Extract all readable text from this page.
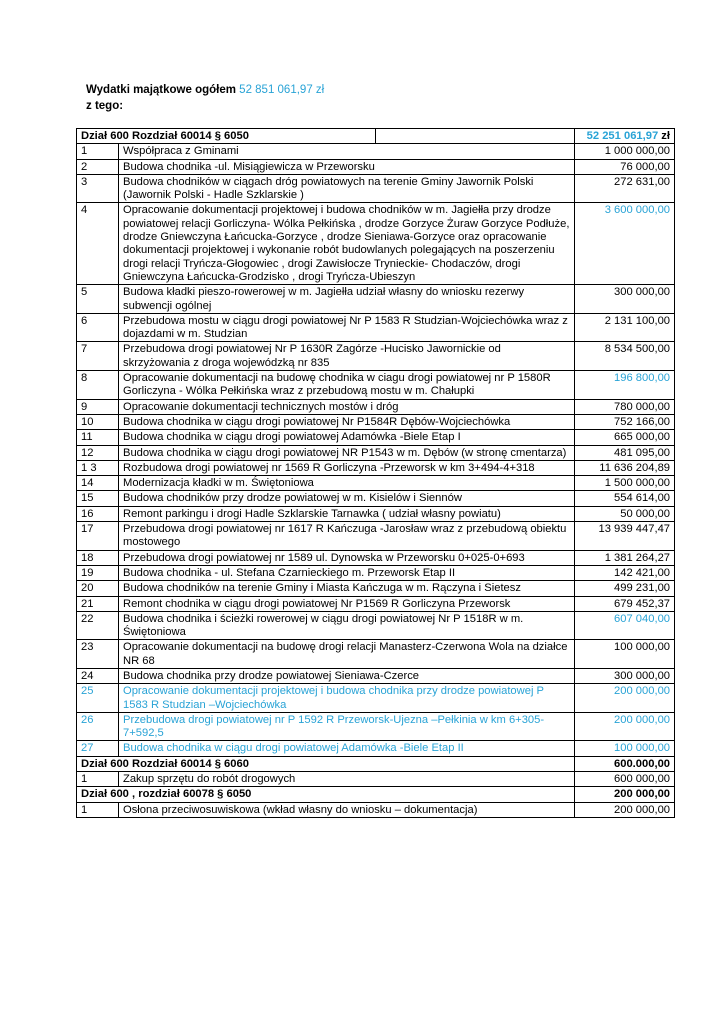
Wydatki majątkowe ogółem 52 851 061,97 zł
z tego:
Dział 600 Rozdział 60014 § 6050		52 251 061,97 zł
1	Współpraca z Gminami	1 000 000,00
2	Budowa chodnika -ul. Misiągiewicza w Przeworsku	76 000,00
3	Budowa chodników w ciągach dróg powiatowych na terenie Gminy Jawornik Polski (Jawornik Polski - Hadle Szklarskie )	272 631,00
4	Opracowanie dokumentacji projektowej i budowa chodników w m. Jagiełła przy drodze powiatowej relacji Gorliczyna- Wólka Pełkińska , drodze Gorzyce Żuraw Gorzyce Podłuże, drodze Gniewczyna Łańcucka-Gorzyce , drodze Sieniawa-Gorzyce oraz opracowanie dokumentacji projektowej i wykonanie robót budowlanych polegających na poszerzeniu drogi relacji Tryńcza-Głogowiec , drogi Zawisłocze Trynieckie- Chodaczów, drogi Gniewczyna Łańcucka-Grodzisko , drogi Tryńcza-Ubieszyn	3 600 000,00
5	Budowa kładki pieszo-rowerowej w m. Jagiełła udział własny do wniosku rezerwy subwencji ogólnej	300 000,00
6	Przebudowa mostu w ciągu drogi powiatowej Nr P 1583 R Studzian-Wojciechówka wraz z dojazdami w m. Studzian	2 131 100,00
7	Przebudowa drogi powiatowej Nr P 1630R Zagórze -Hucisko Jawornickie od skrzyżowania z droga wojewódzką nr 835	8 534 500,00
8	Opracowanie dokumentacji na budowę chodnika w ciagu drogi powiatowej nr P 1580R Gorliczyna - Wólka Pełkińska wraz z przebudową mostu w m. Chałupki	196 800,00
9	Opracowanie dokumentacji technicznych mostów i dróg	780 000,00
10	Budowa chodnika w ciągu drogi powiatowej Nr P1584R Dębów-Wojciechówka	752 166,00
11	Budowa chodnika w ciągu drogi powiatowej Adamówka -Biele Etap I	665 000,00
12	Budowa chodnika w ciągu drogi powiatowej NR P1543 w m. Dębów (w stronę cmentarza)	481 095,00
1 3	Rozbudowa drogi powiatowej nr 1569 R Gorliczyna -Przeworsk w km 3+494-4+318	11 636 204,89
14	Modernizacja kładki w m. Świętoniowa	1 500 000,00
15	Budowa chodników przy drodze powiatowej w m. Kisielów i Siennów	554 614,00
16	Remont parkingu i drogi Hadle Szklarskie Tarnawka ( udział własny powiatu)	50 000,00
17	Przebudowa drogi powiatowej nr 1617 R Kańczuga -Jarosław wraz z przebudową obiektu mostowego	13 939 447,47
18	Przebudowa drogi powiatowej nr 1589 ul. Dynowska w Przeworsku 0+025-0+693	1 381 264,27
19	Budowa chodnika - ul. Stefana Czarnieckiego m. Przeworsk Etap II	142 421,00
20	Budowa chodników na terenie Gminy i Miasta Kańczuga w m. Rączyna i Sietesz	499 231,00
21	Remont chodnika w ciągu drogi powiatowej Nr P1569 R Gorliczyna Przeworsk	679 452,37
22	Budowa chodnika i ścieżki rowerowej w ciągu drogi powiatowej Nr P 1518R w m. Świętoniowa	607 040,00
23	Opracowanie dokumentacji na budowę drogi relacji Manasterz-Czerwona Wola na działce NR 68	100 000,00
24	Budowa chodnika przy drodze powiatowej Sieniawa-Czerce	300 000,00
25	Opracowanie dokumentacji projektowej i budowa chodnika przy drodze powiatowej P 1583 R Studzian –Wojciechówka	200 000,00
26	Przebudowa drogi powiatowej nr P 1592 R Przeworsk-Ujezna –Pełkinia w km 6+305- 7+592,5	200 000,00
27	Budowa chodnika w ciągu drogi powiatowej Adamówka -Biele Etap II	100 000,00
Dział 600 Rozdział 60014 § 6060		600.000,00
1	Zakup sprzętu do robót drogowych	600 000,00
Dział 600 , rozdział 60078 § 6050		200 000,00
1	Osłona przeciwosuwiskowa (wkład własny do wniosku – dokumentacja)	200 000,00
